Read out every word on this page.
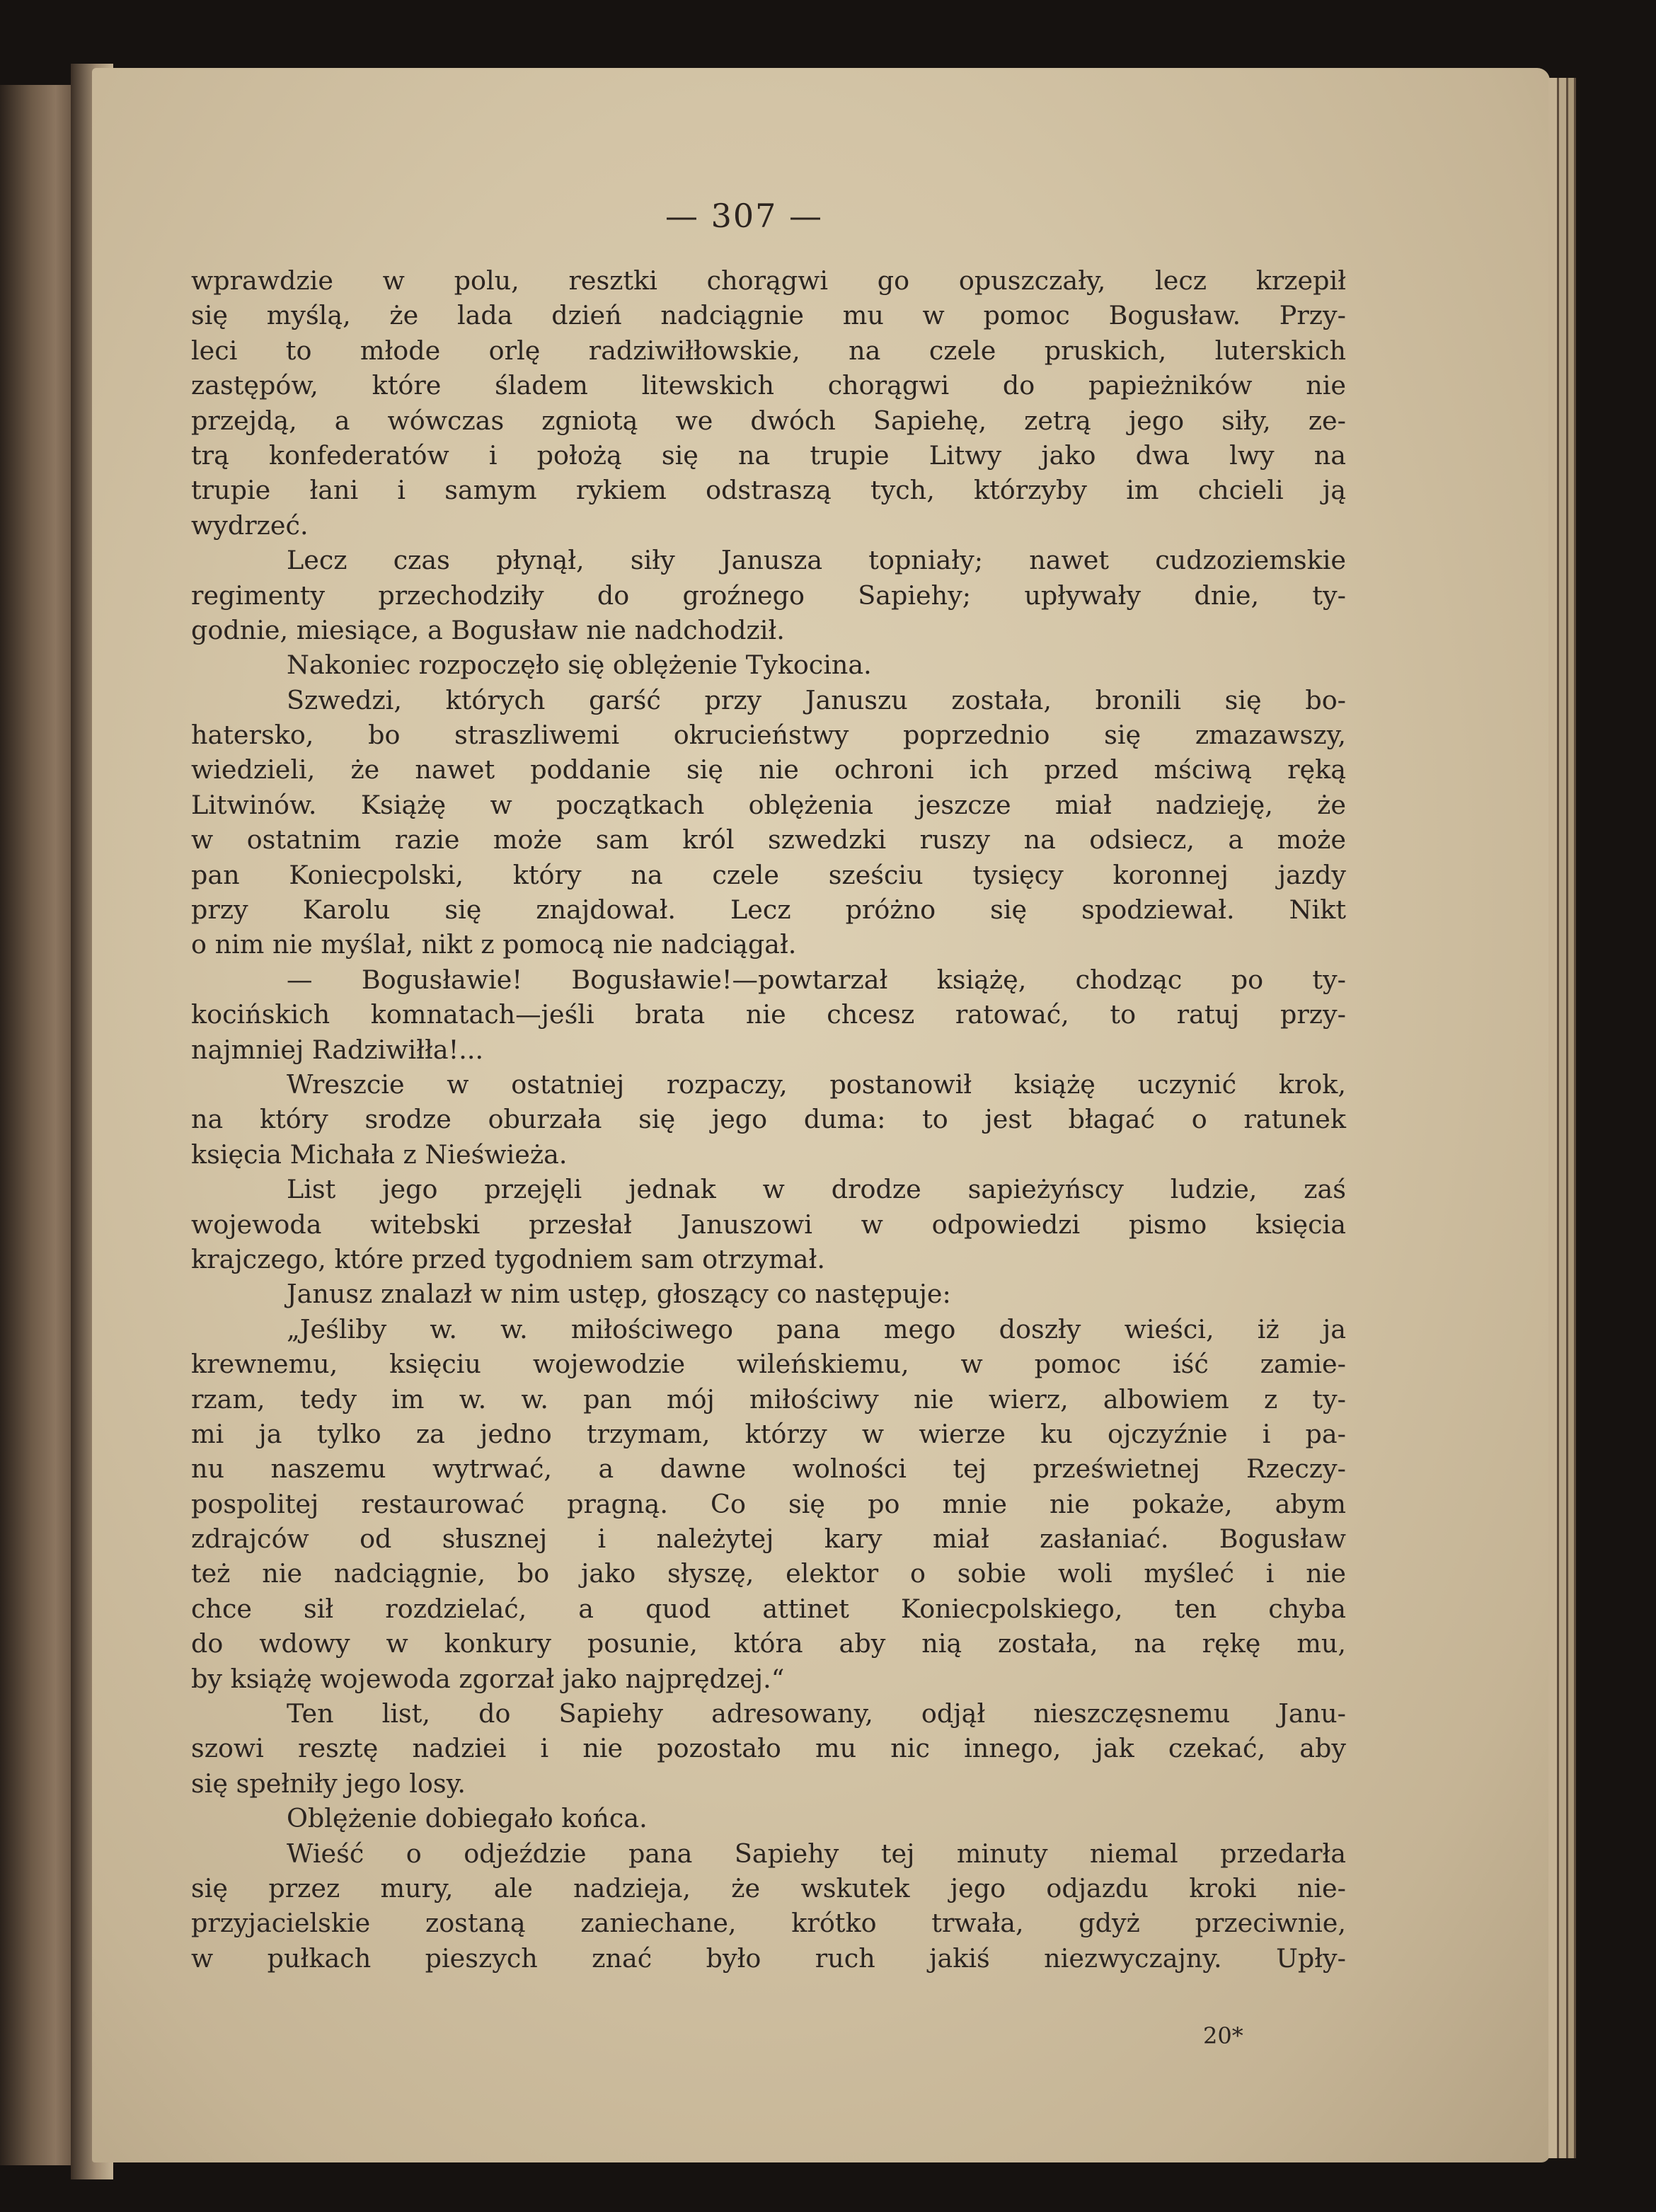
— 307 —
wprawdzie w polu, resztki chorągwi go opuszczały, lecz krzepił
się myślą, że lada dzień nadciągnie mu w pomoc Bogusław. Przy-
leci to młode orlę radziwiłłowskie, na czele pruskich, luterskich
zastępów, które śladem litewskich chorągwi do papieżników nie
przejdą, a wówczas zgniotą we dwóch Sapiehę, zetrą jego siły, ze-
trą konfederatów i położą się na trupie Litwy jako dwa lwy na
trupie łani i samym rykiem odstraszą tych, którzyby im chcieli ją
wydrzeć.
Lecz czas płynął, siły Janusza topniały; nawet cudzoziemskie
regimenty przechodziły do groźnego Sapiehy; upływały dnie, ty-
godnie, miesiące, a Bogusław nie nadchodził.
Nakoniec rozpoczęło się oblężenie Tykocina.
Szwedzi, których garść przy Januszu została, bronili się bo-
hatersko, bo straszliwemi okrucieństwy poprzednio się zmazawszy,
wiedzieli, że nawet poddanie się nie ochroni ich przed mściwą ręką
Litwinów. Książę w początkach oblężenia jeszcze miał nadzieję, że
w ostatnim razie może sam król szwedzki ruszy na odsiecz, a może
pan Koniecpolski, który na czele sześciu tysięcy koronnej jazdy
przy Karolu się znajdował. Lecz próżno się spodziewał. Nikt
o nim nie myślał, nikt z pomocą nie nadciągał.
— Bogusławie! Bogusławie!—powtarzał książę, chodząc po ty-
kocińskich komnatach—jeśli brata nie chcesz ratować, to ratuj przy-
najmniej Radziwiłła!...
Wreszcie w ostatniej rozpaczy, postanowił książę uczynić krok,
na który srodze oburzała się jego duma: to jest błagać o ratunek
księcia Michała z Nieświeża.
List jego przejęli jednak w drodze sapieżyńscy ludzie, zaś
wojewoda witebski przesłał Januszowi w odpowiedzi pismo księcia
krajczego, które przed tygodniem sam otrzymał.
Janusz znalazł w nim ustęp, głoszący co następuje:
„Jeśliby w. w. miłościwego pana mego doszły wieści, iż ja
krewnemu, księciu wojewodzie wileńskiemu, w pomoc iść zamie-
rzam, tedy im w. w. pan mój miłościwy nie wierz, albowiem z ty-
mi ja tylko za jedno trzymam, którzy w wierze ku ojczyźnie i pa-
nu naszemu wytrwać, a dawne wolności tej prześwietnej Rzeczy-
pospolitej restaurować pragną. Co się po mnie nie pokaże, abym
zdrajców od słusznej i należytej kary miał zasłaniać. Bogusław
też nie nadciągnie, bo jako słyszę, elektor o sobie woli myśleć i nie
chce sił rozdzielać, a quod attinet Koniecpolskiego, ten chyba
do wdowy w konkury posunie, która aby nią została, na rękę mu,
by książę wojewoda zgorzał jako najprędzej.“
Ten list, do Sapiehy adresowany, odjął nieszczęsnemu Janu-
szowi resztę nadziei i nie pozostało mu nic innego, jak czekać, aby
się spełniły jego losy.
Oblężenie dobiegało końca.
Wieść o odjeździe pana Sapiehy tej minuty niemal przedarła
się przez mury, ale nadzieja, że wskutek jego odjazdu kroki nie-
przyjacielskie zostaną zaniechane, krótko trwała, gdyż przeciwnie,
w pułkach pieszych znać było ruch jakiś niezwyczajny. Upły-
20*
